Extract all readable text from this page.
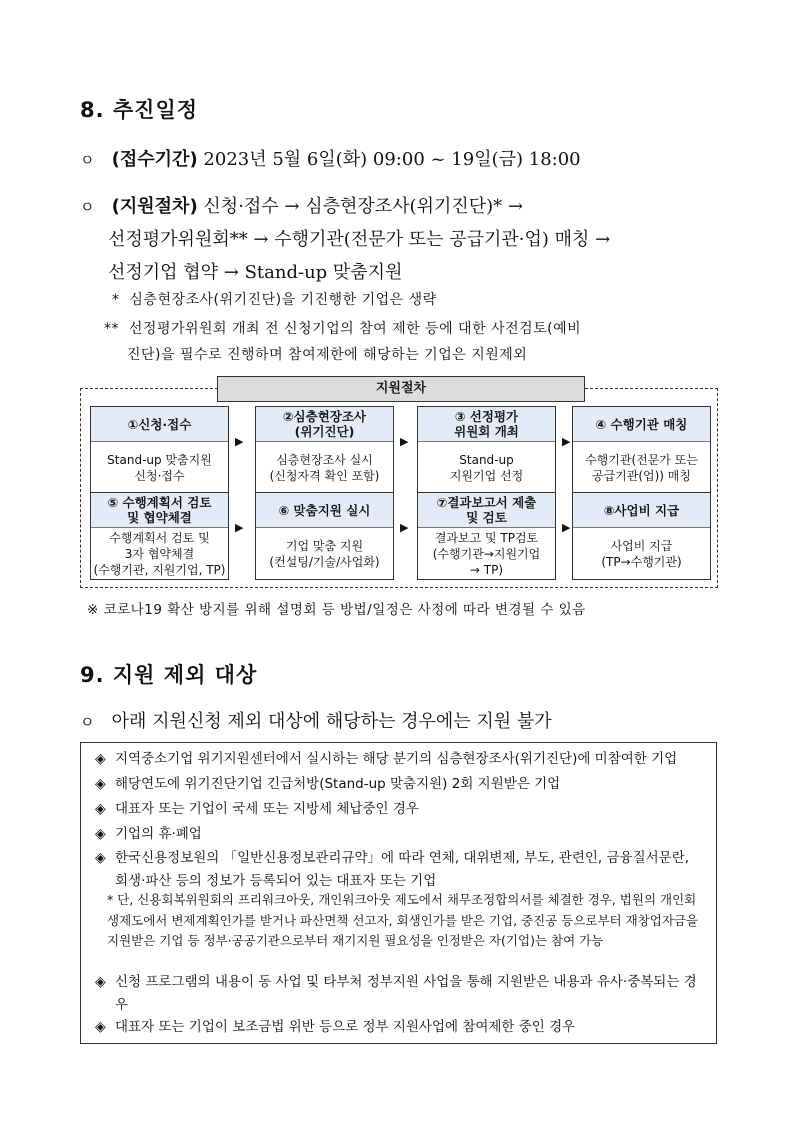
8. 추진일정
ㅇ (접수기간) 2023년 5월 6일(화) 09:00 ~ 19일(금) 18:00
ㅇ (지원절차) 신청·접수 → 심층현장조사(위기진단)* →
선정평가위원회** → 수행기관(전문가 또는 공급기관·업) 매칭 →
선정기업 협약 → Stand-up 맞춤지원
* 심층현장조사(위기진단)을 기진행한 기업은 생략
** 선정평가위원회 개최 전 신청기업의 참여 제한 등에 대한 사전검토(예비
진단)을 필수로 진행하며 참여제한에 해당하는 기업은 지원제외
지원절차
①신청·접수
Stand-up 맞춤지원
신청·접수
▶
②심층현장조사
(위기진단)
심층현장조사 실시
(신청자격 확인 포함)
▶
③ 선정평가
위원회 개최
Stand-up
지원기업 선정
▶
④ 수행기관 매칭
수행기관(전문가 또는
공급기관(업)) 매칭
⑤ 수행계획서 검토
및 협약체결
수행계획서 검토 및
3자 협약체결
(수행기관, 지원기업, TP)
▶
⑥ 맞춤지원 실시
기업 맞춤 지원
(컨설팅/기술/사업화)
▶
⑦결과보고서 제출
및 검토
결과보고 및 TP검토
(수행기관→지원기업
→ TP)
▶
⑧사업비 지급
사업비 지급
(TP→수행기관)
※ 코로나19 확산 방지를 위해 설명회 등 방법/일정은 사정에 따라 변경될 수 있음
9. 지원 제외 대상
ㅇ 아래 지원신청 제외 대상에 해당하는 경우에는 지원 불가
◈ 지역중소기업 위기지원센터에서 실시하는 해당 분기의 심층현장조사(위기진단)에 미참여한 기업
◈ 해당연도에 위기진단기업 긴급처방(Stand-up 맞춤지원) 2회 지원받은 기업
◈ 대표자 또는 기업이 국세 또는 지방세 체납중인 경우
◈ 기업의 휴·폐업
◈ 한국신용정보원의 「일반신용정보관리규약」에 따라 연체, 대위변제, 부도, 관련인, 금융질서문란, 회생·파산 등의 정보가 등록되어 있는 대표자 또는 기업
◈ 신청 프로그램의 내용이 동 사업 및 타부처 정부지원 사업을 통해 지원받은 내용과 유사·중복되는 경우
◈ 대표자 또는 기업이 보조금법 위반 등으로 정부 지원사업에 참여제한 중인 경우
* 단, 신용회복위원회의 프리워크아웃, 개인워크아웃 제도에서 채무조정합의서를 체결한 경우, 법원의 개인회생제도에서 변제계획인가를 받거나 파산면책 선고자, 회생인가를 받은 기업, 중진공 등으로부터 재창업자금을 지원받은 기업 등 정부·공공기관으로부터 재기지원 필요성을 인정받은 자(기업)는 참여 가능
